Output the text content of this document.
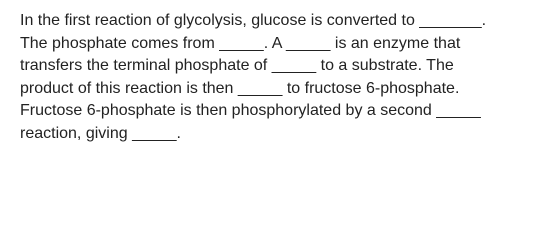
In the first reaction of glycolysis, glucose is converted to _______.
The phosphate comes from _____. A _____ is an enzyme that
transfers the terminal phosphate of _____ to a substrate. The
product of this reaction is then _____ to fructose 6-phosphate.
Fructose 6-phosphate is then phosphorylated by a second _____
reaction, giving _____.
